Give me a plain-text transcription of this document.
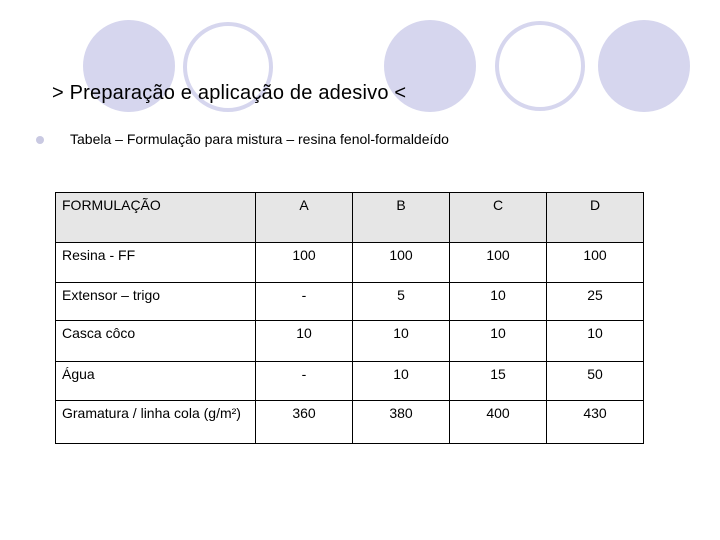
> Preparação e aplicação de adesivo <
Tabela – Formulação para mistura – resina fenol-formaldeído
FORMULAÇÃO	A	B	C	D
Resina - FF	100	100	100	100
Extensor – trigo	-	5	10	25
Casca côco	10	10	10	10
Água	-	10	15	50
Gramatura / linha cola (g/m²)	360	380	400	430
